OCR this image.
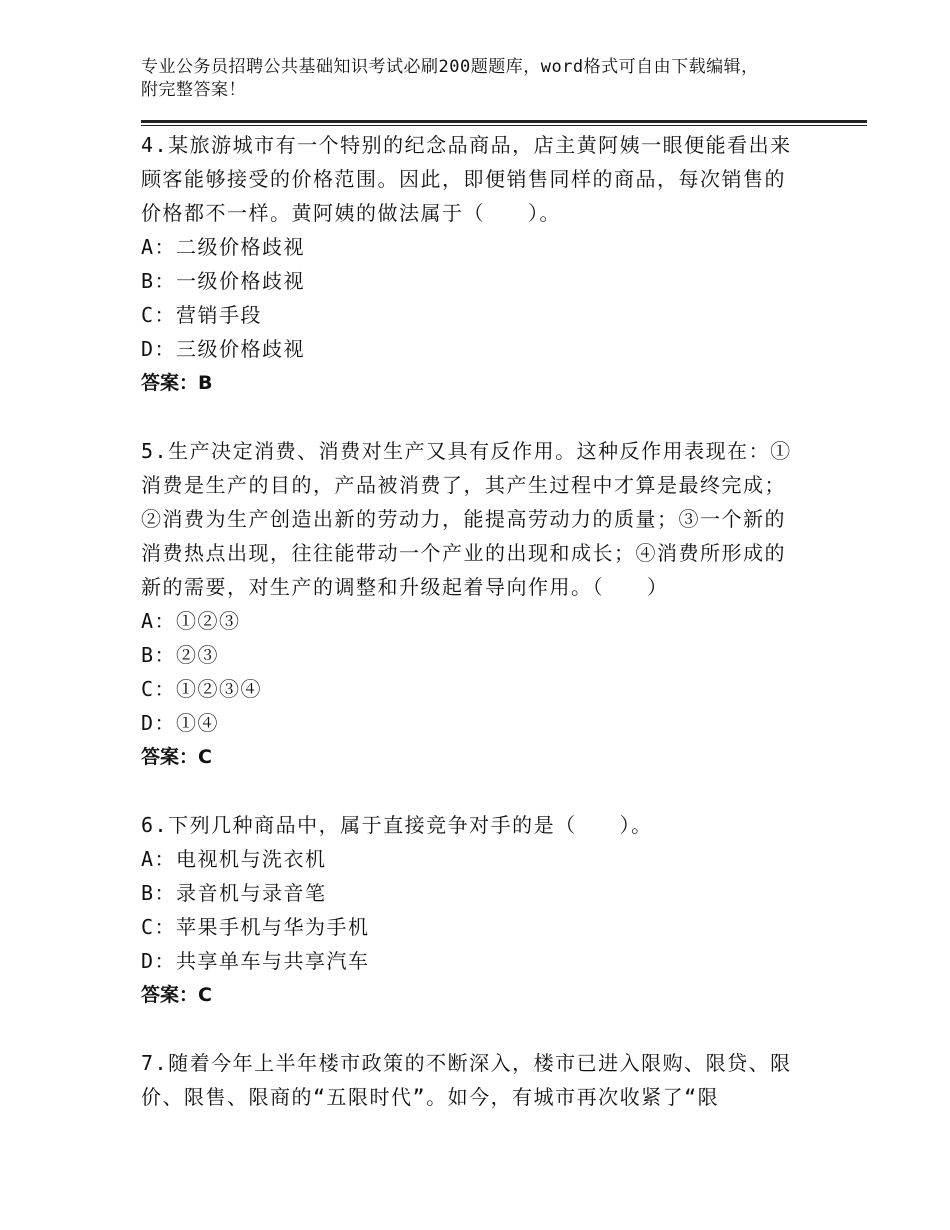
专业公务员招聘公共基础知识考试必刷200题题库，word格式可自由下载编辑，
附完整答案！

4.某旅游城市有一个特别的纪念品商品，店主黄阿姨一眼便能看出来

顾客能够接受的价格范围。因此，即便销售同样的商品，每次销售的

价格都不一样。黄阿姨的做法属于（　　）。

A：二级价格歧视

B：一级价格歧视

C：营销手段

D：三级价格歧视

答案：B

5.生产决定消费、消费对生产又具有反作用。这种反作用表现在：①

消费是生产的目的，产品被消费了，其产生过程中才算是最终完成；

②消费为生产创造出新的劳动力，能提高劳动力的质量；③一个新的

消费热点出现，往往能带动一个产业的出现和成长；④消费所形成的

新的需要，对生产的调整和升级起着导向作用。（　　）

A：①②③

B：②③

C：①②③④

D：①④

答案：C

6.下列几种商品中，属于直接竞争对手的是（　　）。

A：电视机与洗衣机

B：录音机与录音笔

C：苹果手机与华为手机

D：共享单车与共享汽车

答案：C

7.随着今年上半年楼市政策的不断深入，楼市已进入限购、限贷、限

价、限售、限商的“五限时代”。如今，有城市再次收紧了“限
